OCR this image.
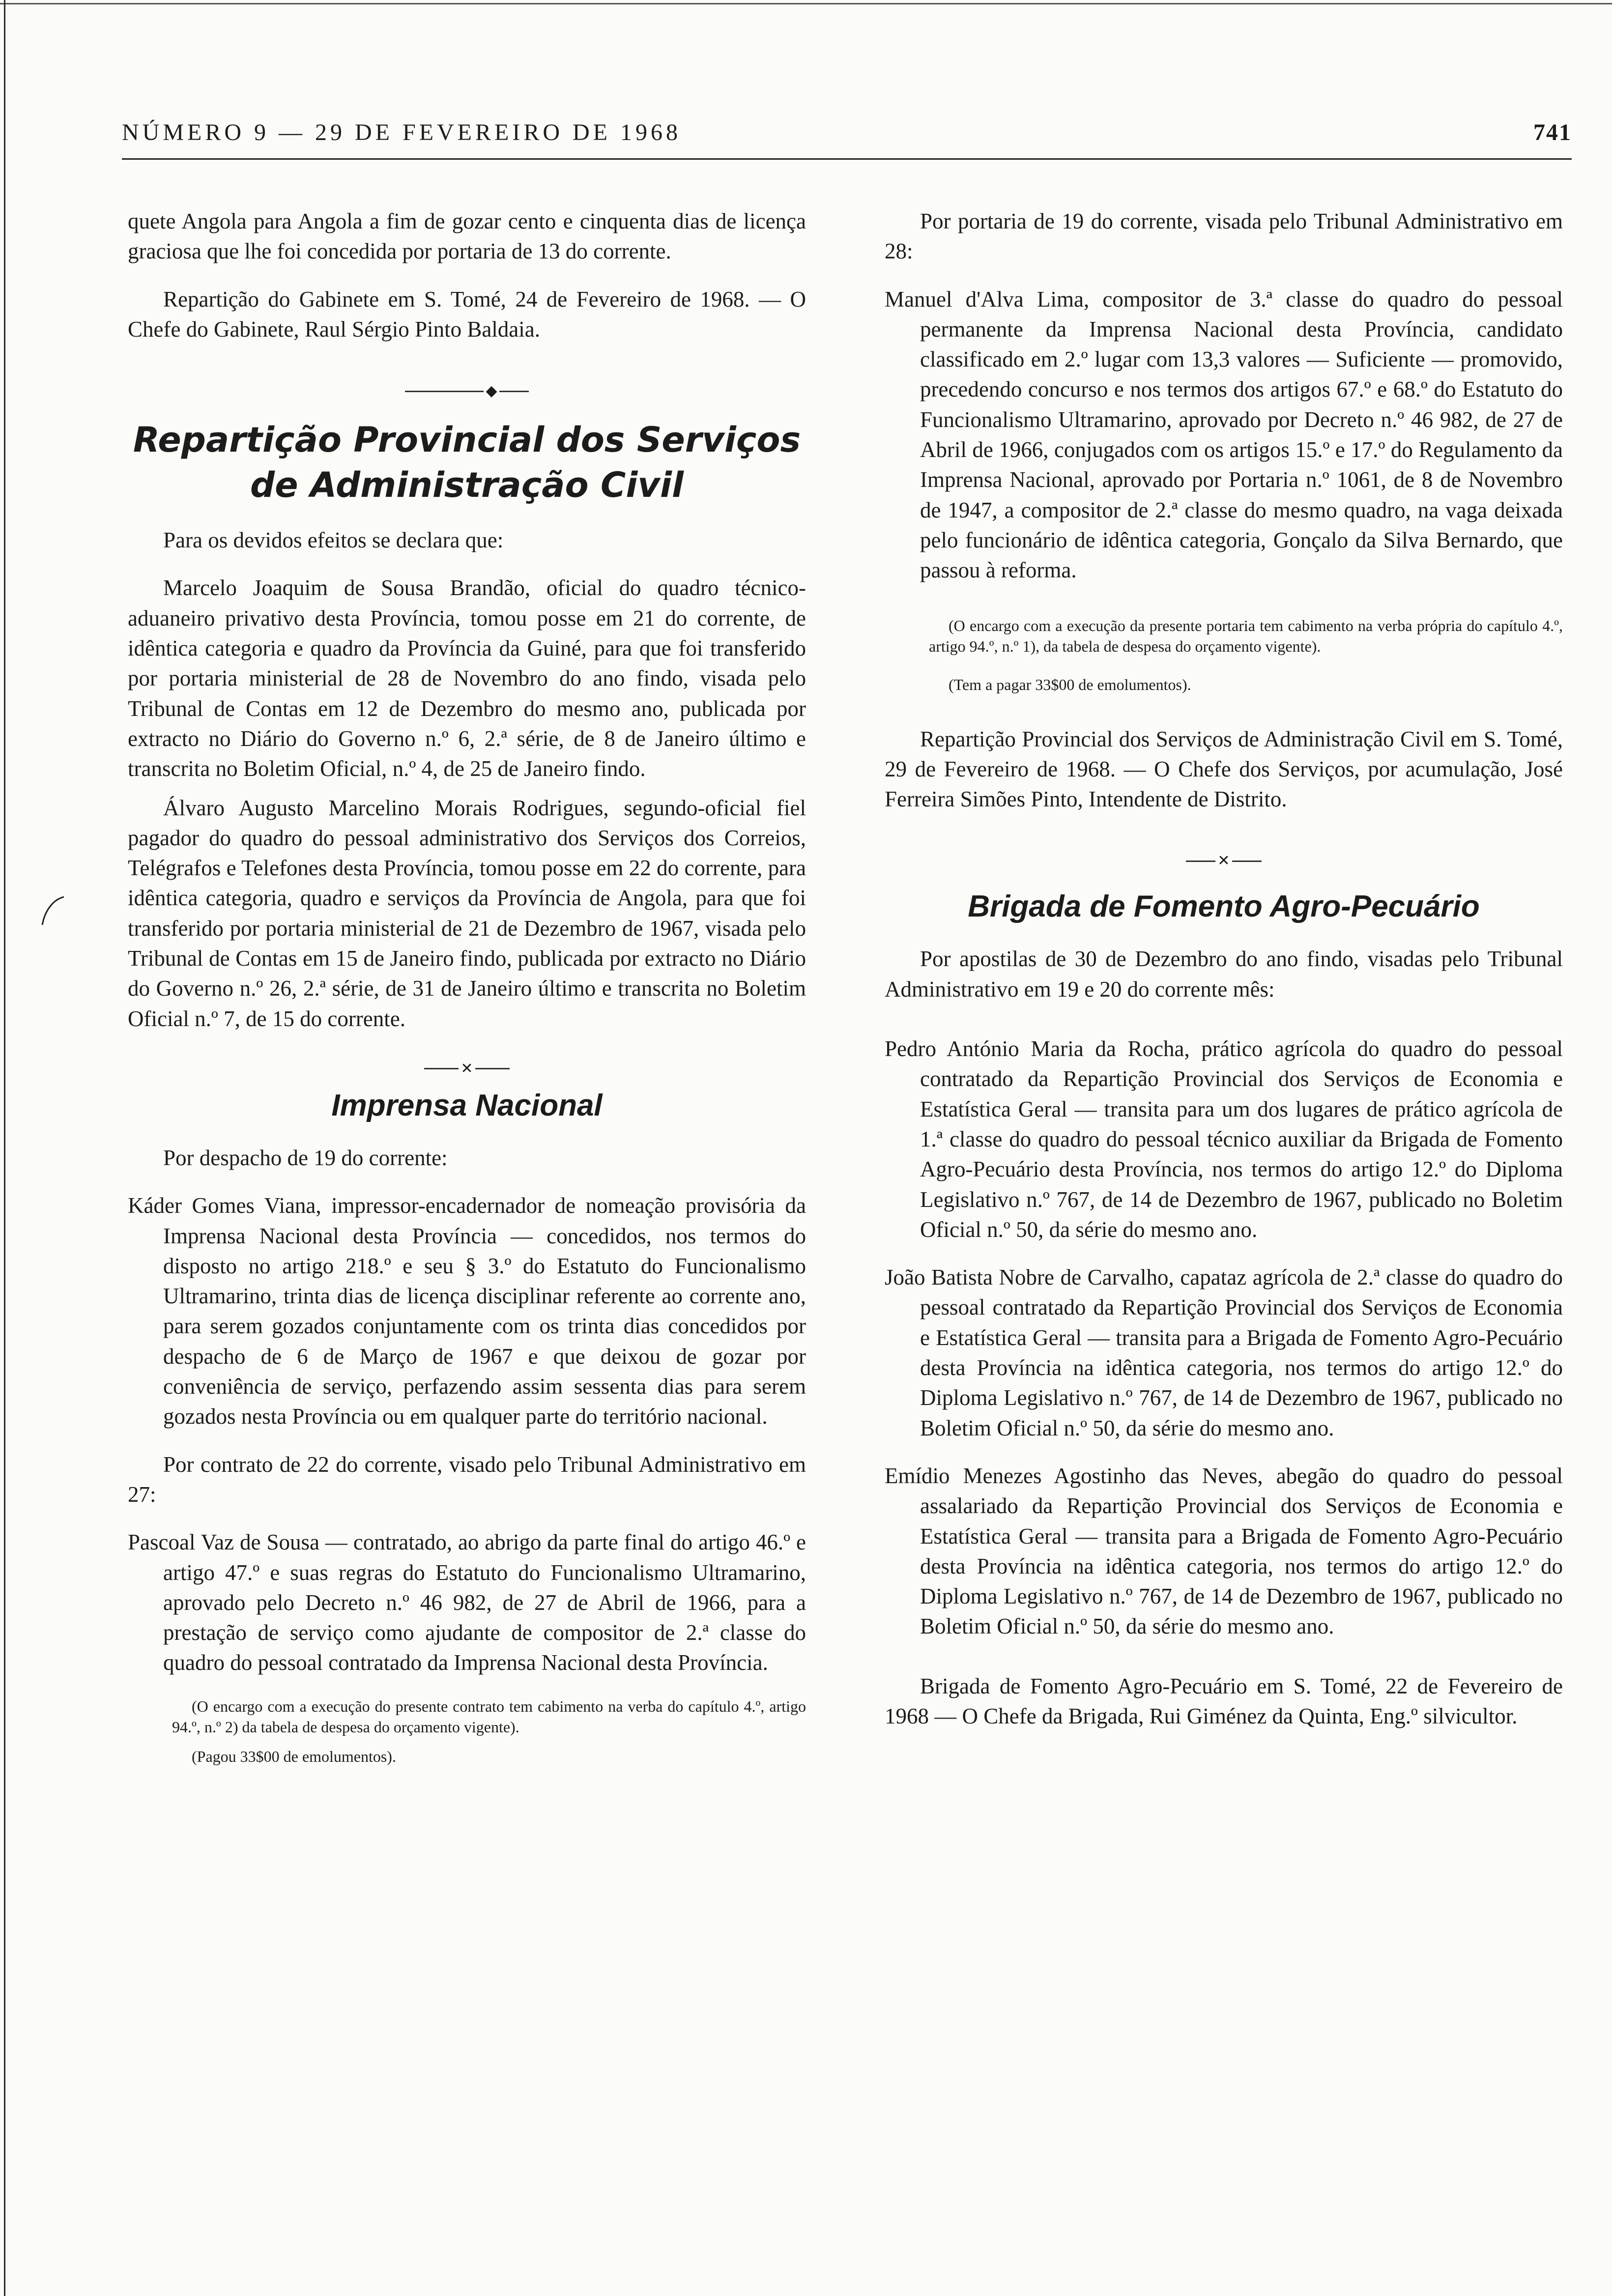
NÚMERO 9 — 29 DE FEVEREIRO DE 1968	741

quete Angola para Angola a fim de gozar cento e cinquenta dias de licença graciosa que lhe foi concedida por portaria de 13 do corrente.

Repartição do Gabinete em S. Tomé, 24 de Fevereiro de 1968. — O Chefe do Gabinete, Raul Sérgio Pinto Baldaia.

◆
Repartição Provincial dos Serviços
de Administração Civil

Para os devidos efeitos se declara que:

Marcelo Joaquim de Sousa Brandão, oficial do quadro técnico-aduaneiro privativo desta Província, tomou posse em 21 do corrente, de idêntica categoria e quadro da Província da Guiné, para que foi transferido por portaria ministerial de 28 de Novembro do ano findo, visada pelo Tribunal de Contas em 12 de Dezembro do mesmo ano, publicada por extracto no Diário do Governo n.º 6, 2.ª série, de 8 de Janeiro último e transcrita no Boletim Oficial, n.º 4, de 25 de Janeiro findo.

Álvaro Augusto Marcelino Morais Rodrigues, segundo-oficial fiel pagador do quadro do pessoal administrativo dos Serviços dos Correios, Telégrafos e Telefones desta Província, tomou posse em 22 do corrente, para idêntica categoria, quadro e serviços da Província de Angola, para que foi transferido por portaria ministerial de 21 de Dezembro de 1967, visada pelo Tribunal de Contas em 15 de Janeiro findo, publicada por extracto no Diário do Governo n.º 26, 2.ª série, de 31 de Janeiro último e transcrita no Boletim Oficial n.º 7, de 15 do corrente.

✕
Imprensa Nacional

Por despacho de 19 do corrente:

Káder Gomes Viana, impressor-encadernador de nomeação provisória da Imprensa Nacional desta Província — concedidos, nos termos do disposto no artigo 218.º e seu § 3.º do Estatuto do Funcionalismo Ultramarino, trinta dias de licença disciplinar referente ao corrente ano, para serem gozados conjuntamente com os trinta dias concedidos por despacho de 6 de Março de 1967 e que deixou de gozar por conveniência de serviço, perfazendo assim sessenta dias para serem gozados nesta Província ou em qualquer parte do território nacional.

Por contrato de 22 do corrente, visado pelo Tribunal Administrativo em 27:

Pascoal Vaz de Sousa — contratado, ao abrigo da parte final do artigo 46.º e artigo 47.º e suas regras do Estatuto do Funcionalismo Ultramarino, aprovado pelo Decreto n.º 46 982, de 27 de Abril de 1966, para a prestação de serviço como ajudante de compositor de 2.ª classe do quadro do pessoal contratado da Imprensa Nacional desta Província.

(O encargo com a execução do presente contrato tem cabimento na verba do capítulo 4.º, artigo 94.º, n.º 2) da tabela de despesa do orçamento vigente).

(Pagou 33$00 de emolumentos).

Por portaria de 19 do corrente, visada pelo Tribunal Administrativo em 28:

Manuel d'Alva Lima, compositor de 3.ª classe do quadro do pessoal permanente da Imprensa Nacional desta Província, candidato classificado em 2.º lugar com 13,3 valores — Suficiente — promovido, precedendo concurso e nos termos dos artigos 67.º e 68.º do Estatuto do Funcionalismo Ultramarino, aprovado por Decreto n.º 46 982, de 27 de Abril de 1966, conjugados com os artigos 15.º e 17.º do Regulamento da Imprensa Nacional, aprovado por Portaria n.º 1061, de 8 de Novembro de 1947, a compositor de 2.ª classe do mesmo quadro, na vaga deixada pelo funcionário de idêntica categoria, Gonçalo da Silva Bernardo, que passou à reforma.

(O encargo com a execução da presente portaria tem cabimento na verba própria do capítulo 4.º, artigo 94.º, n.º 1), da tabela de despesa do orçamento vigente).

(Tem a pagar 33$00 de emolumentos).

Repartição Provincial dos Serviços de Administração Civil em S. Tomé, 29 de Fevereiro de 1968. — O Chefe dos Serviços, por acumulação, José Ferreira Simões Pinto, Intendente de Distrito.

✕
Brigada de Fomento Agro-Pecuário

Por apostilas de 30 de Dezembro do ano findo, visadas pelo Tribunal Administrativo em 19 e 20 do corrente mês:

Pedro António Maria da Rocha, prático agrícola do quadro do pessoal contratado da Repartição Provincial dos Serviços de Economia e Estatística Geral — transita para um dos lugares de prático agrícola de 1.ª classe do quadro do pessoal técnico auxiliar da Brigada de Fomento Agro-Pecuário desta Província, nos termos do artigo 12.º do Diploma Legislativo n.º 767, de 14 de Dezembro de 1967, publicado no Boletim Oficial n.º 50, da série do mesmo ano.

João Batista Nobre de Carvalho, capataz agrícola de 2.ª classe do quadro do pessoal contratado da Repartição Provincial dos Serviços de Economia e Estatística Geral — transita para a Brigada de Fomento Agro-Pecuário desta Província na idêntica categoria, nos termos do artigo 12.º do Diploma Legislativo n.º 767, de 14 de Dezembro de 1967, publicado no Boletim Oficial n.º 50, da série do mesmo ano.

Emídio Menezes Agostinho das Neves, abegão do quadro do pessoal assalariado da Repartição Provincial dos Serviços de Economia e Estatística Geral — transita para a Brigada de Fomento Agro-Pecuário desta Província na idêntica categoria, nos termos do artigo 12.º do Diploma Legislativo n.º 767, de 14 de Dezembro de 1967, publicado no Boletim Oficial n.º 50, da série do mesmo ano.

Brigada de Fomento Agro-Pecuário em S. Tomé, 22 de Fevereiro de 1968 — O Chefe da Brigada, Rui Giménez da Quinta, Eng.º silvicultor.
